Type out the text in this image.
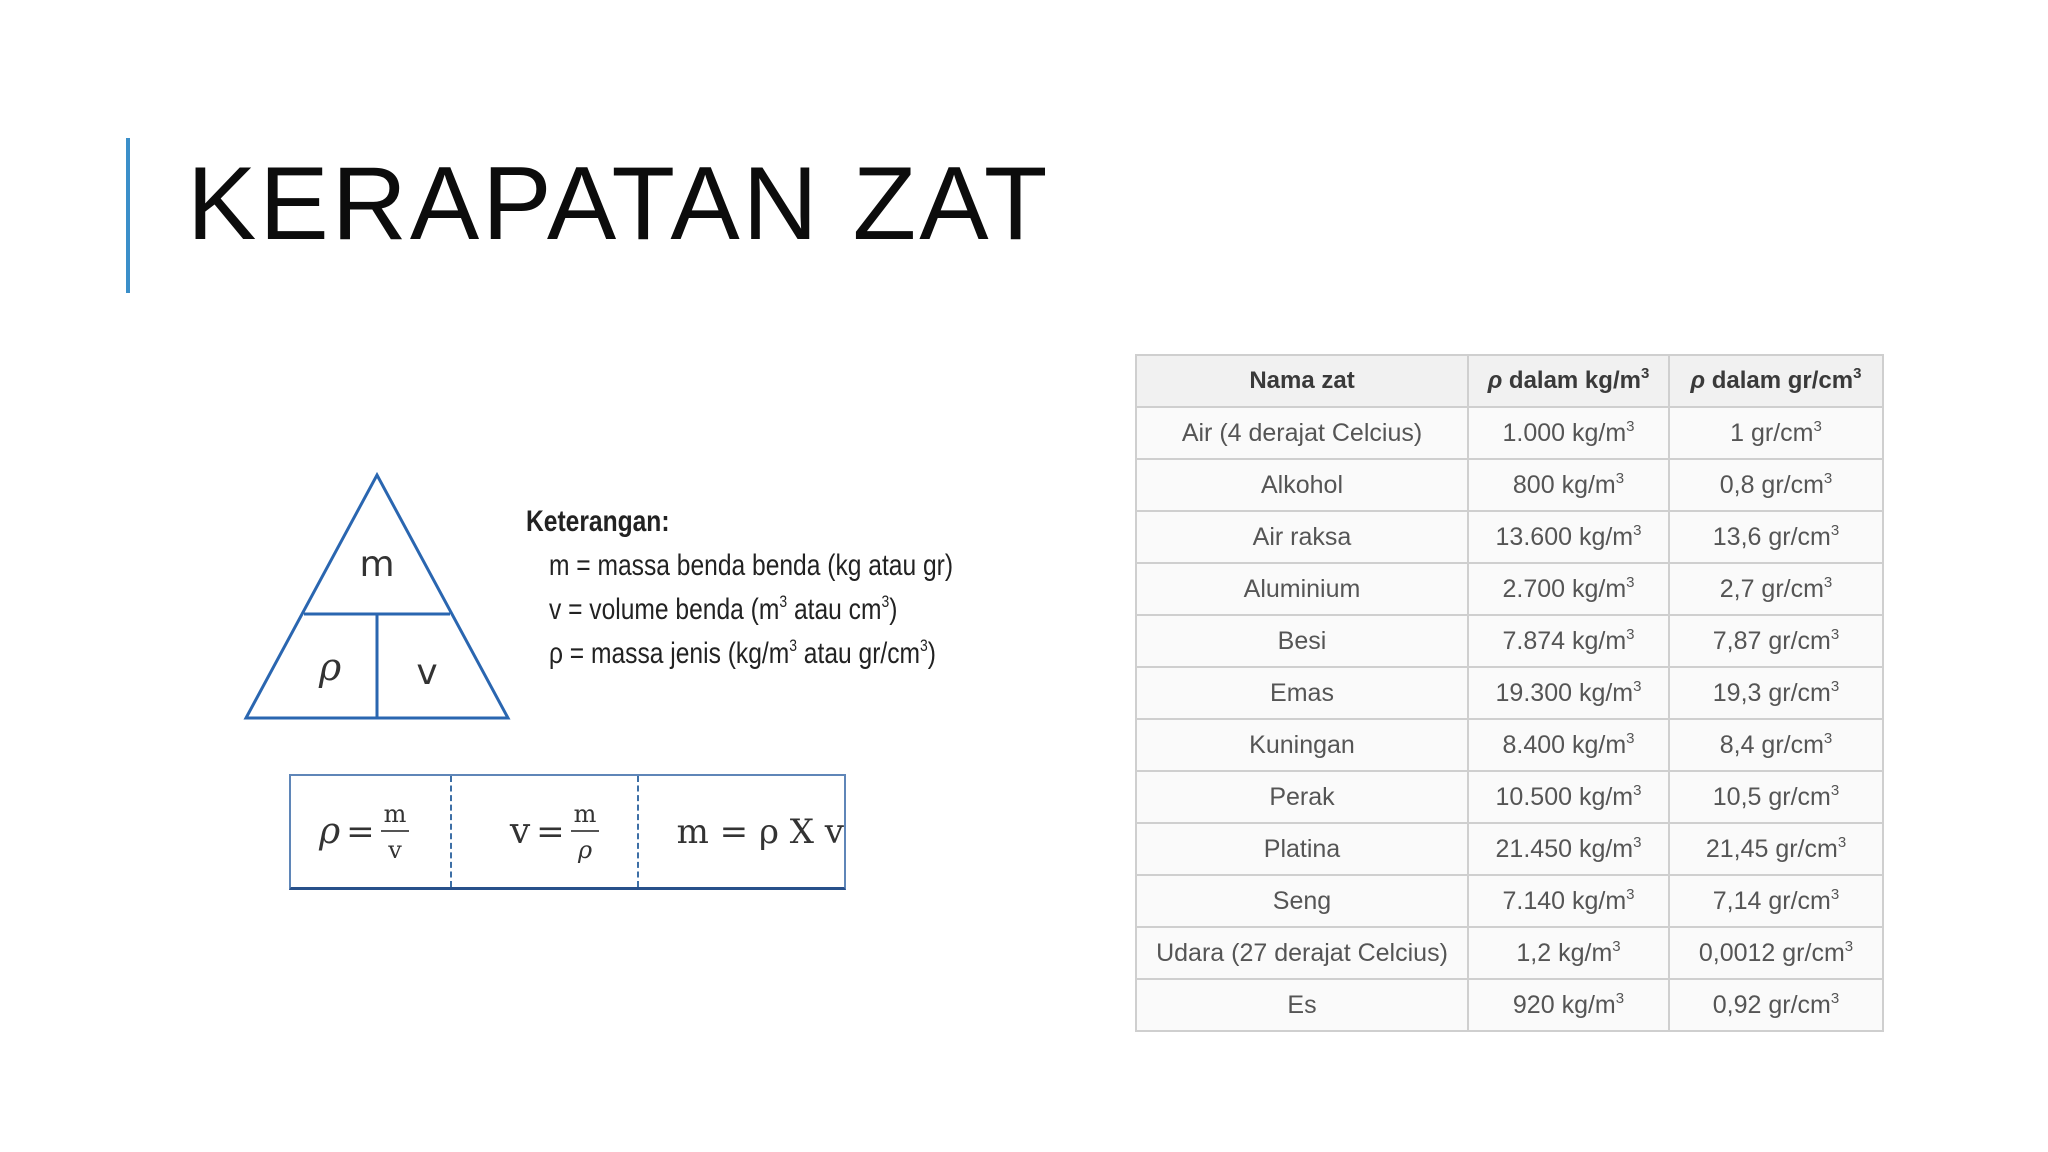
KERAPATAN ZAT
m
ρ v
Keterangan:
m = massa benda benda (kg atau gr)
v = volume benda ($m^3$ atau $cm^3$)
ρ = massa jenis ($kg/m^3$ atau $gr/cm^3$)
$\rho = \frac{m}{v}$	$v = \frac{m}{\rho}$ m = ρ X v
Nama zat	ρ dalam $kg/m^3$	ρ dalam $gr/cm^3$
Air (4 derajat Celcius)	1.000 $kg/m^3$	1 $gr/cm^3$
Alkohol	800 $kg/m^3$	0,8 $gr/cm^3$
Air raksa	13.600 $kg/m^3$	13,6 $gr/cm^3$
Aluminium	2.700 $kg/m^3$	2,7 $gr/cm^3$
Besi	7.874 $kg/m^3$	7,87 $gr/cm^3$
Emas	19.300 $kg/m^3$	19,3 $gr/cm^3$
Kuningan	8.400 $kg/m^3$	8,4 $gr/cm^3$
Perak	10.500 $kg/m^3$	10,5 $gr/cm^3$
Platina	21.450 $kg/m^3$	21,45 $gr/cm^3$
Seng	7.140 $kg/m^3$	7,14 $gr/cm^3$
Udara (27 derajat Celcius)	1,2 $kg/m^3$	0,0012 $gr/cm^3$
Es	920 $kg/m^3$	0,92 $gr/cm^3$
